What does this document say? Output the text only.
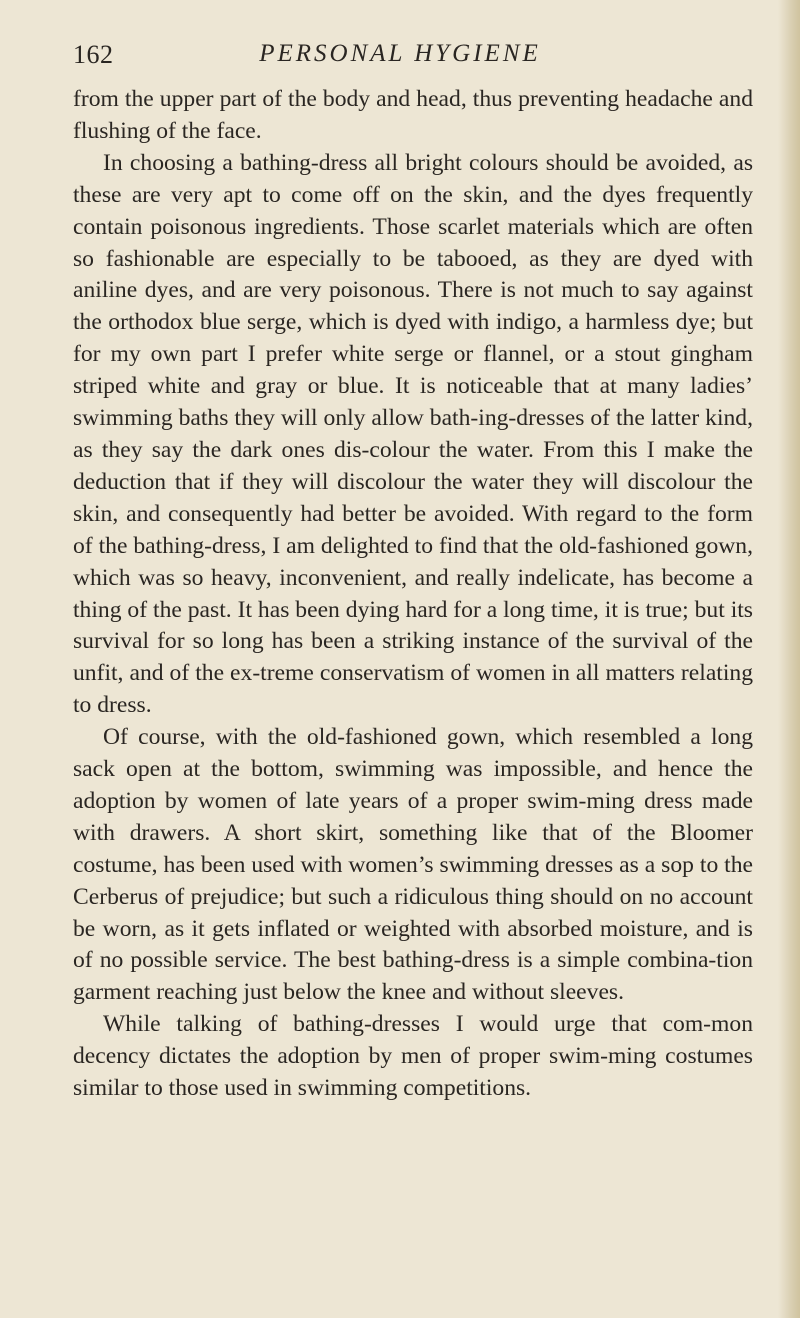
162	PERSONAL HYGIENE

from the upper part of the body and head, thus preventing headache and flushing of the face.

In choosing a bathing-dress all bright colours should be avoided, as these are very apt to come off on the skin, and the dyes frequently contain poisonous ingredients. Those scarlet materials which are often so fashionable are especially to be tabooed, as they are dyed with aniline dyes, and are very poisonous. There is not much to say against the orthodox blue serge, which is dyed with indigo, a harmless dye; but for my own part I prefer white serge or flannel, or a stout gingham striped white and gray or blue. It is noticeable that at many ladies’ swimming baths they will only allow bath-ing-dresses of the latter kind, as they say the dark ones dis-colour the water. From this I make the deduction that if they will discolour the water they will discolour the skin, and consequently had better be avoided. With regard to the form of the bathing-dress, I am delighted to find that the old-fashioned gown, which was so heavy, inconvenient, and really indelicate, has become a thing of the past. It has been dying hard for a long time, it is true; but its survival for so long has been a striking instance of the survival of the unfit, and of the ex-treme conservatism of women in all matters relating to dress.

Of course, with the old-fashioned gown, which resembled a long sack open at the bottom, swimming was impossible, and hence the adoption by women of late years of a proper swim-ming dress made with drawers. A short skirt, something like that of the Bloomer costume, has been used with women’s swimming dresses as a sop to the Cerberus of prejudice; but such a ridiculous thing should on no account be worn, as it gets inflated or weighted with absorbed moisture, and is of no possible service. The best bathing-dress is a simple combina-tion garment reaching just below the knee and without sleeves.

While talking of bathing-dresses I would urge that com-mon decency dictates the adoption by men of proper swim-ming costumes similar to those used in swimming competitions.
